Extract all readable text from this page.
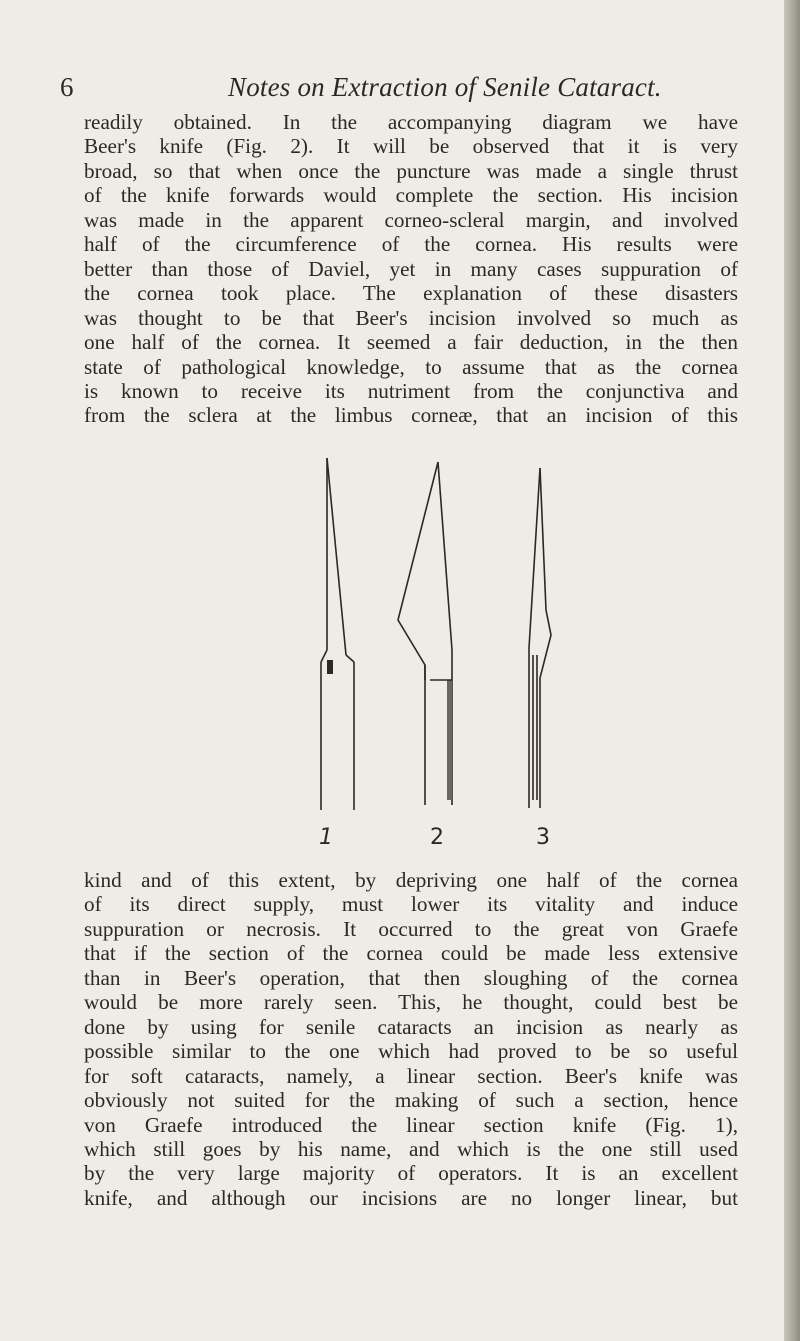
6	Notes on Extraction of Senile Cataract.
readily obtained. In the accompanying diagram we have
Beer's knife (Fig. 2). It will be observed that it is very
broad, so that when once the puncture was made a single thrust
of the knife forwards would complete the section. His incision
was made in the apparent corneo-scleral margin, and involved
half of the circumference of the cornea. His results were
better than those of Daviel, yet in many cases suppuration of
the cornea took place. The explanation of these disasters
was thought to be that Beer's incision involved so much as
one half of the cornea. It seemed a fair deduction, in the then
state of pathological knowledge, to assume that as the cornea
is known to receive its nutriment from the conjunctiva and
from the sclera at the limbus corneæ, that an incision of this
1	2	3
kind and of this extent, by depriving one half of the cornea
of its direct supply, must lower its vitality and induce
suppuration or necrosis. It occurred to the great von Graefe
that if the section of the cornea could be made less extensive
than in Beer's operation, that then sloughing of the cornea
would be more rarely seen. This, he thought, could best be
done by using for senile cataracts an incision as nearly as
possible similar to the one which had proved to be so useful
for soft cataracts, namely, a linear section. Beer's knife was
obviously not suited for the making of such a section, hence
von Graefe introduced the linear section knife (Fig. 1),
which still goes by his name, and which is the one still used
by the very large majority of operators. It is an excellent
knife, and although our incisions are no longer linear, but
